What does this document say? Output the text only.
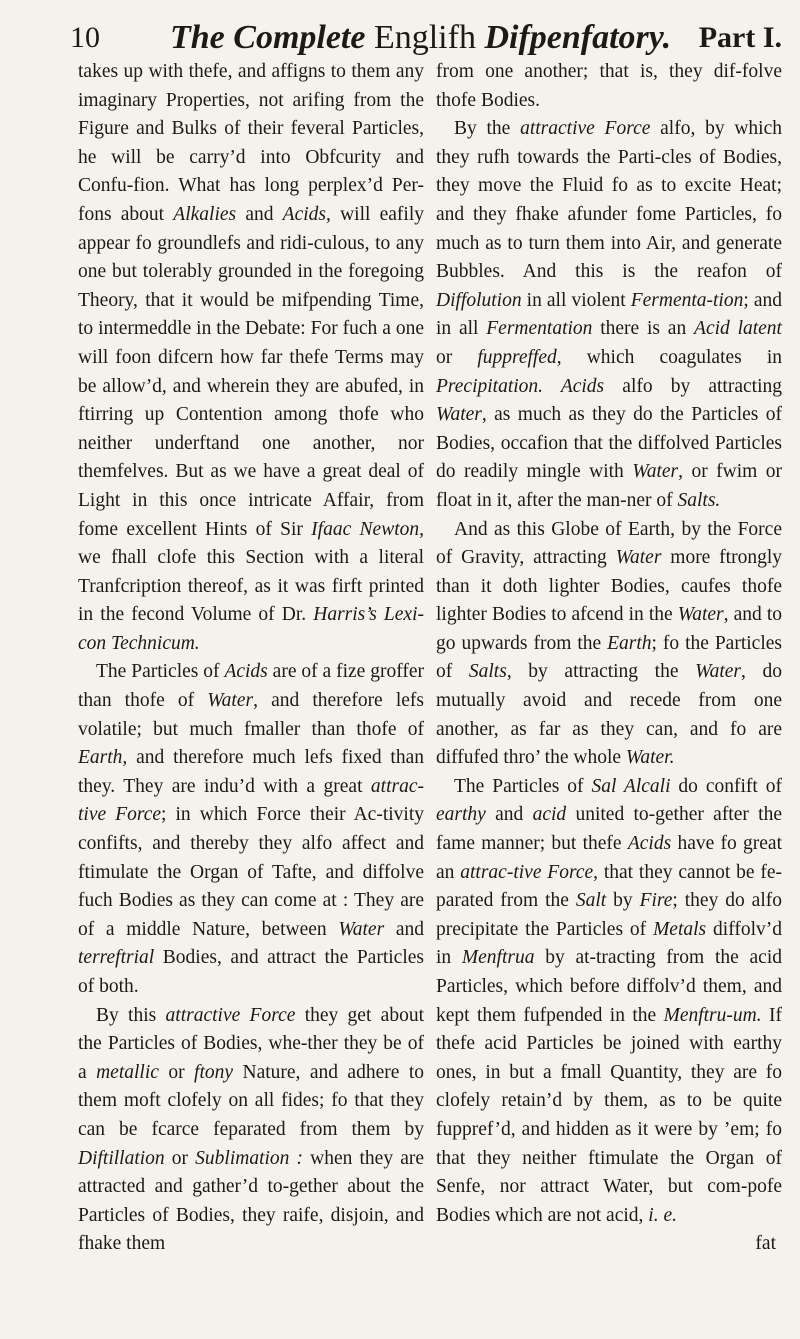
10 The Complete Englifh Difpenfatory. Part I.

takes up with thefe, and affigns to them any imaginary Properties, not arifing from the Figure and Bulks of their feveral Particles, he will be carry’d into Obfcurity and Confu-fion. What has long perplex’d Per-fons about Alkalies and Acids, will eafily appear fo groundlefs and ridi-culous, to any one but tolerably grounded in the foregoing Theory, that it would be mifpending Time, to intermeddle in the Debate: For fuch a one will foon difcern how far thefe Terms may be allow’d, and wherein they are abufed, in ftirring up Contention among thofe who neither underftand one another, nor themfelves. But as we have a great deal of Light in this once intricate Affair, from fome excellent Hints of Sir Ifaac Newton, we fhall clofe this Section with a literal Tranfcription thereof, as it was firft printed in the fecond Volume of Dr. Harris’s Lexi-con Technicum.

The Particles of Acids are of a fize groffer than thofe of Water, and therefore lefs volatile; but much fmaller than thofe of Earth, and therefore much lefs fixed than they. They are indu’d with a great attrac-tive Force; in which Force their Ac-tivity confifts, and thereby they alfo affect and ftimulate the Organ of Tafte, and diffolve fuch Bodies as they can come at : They are of a middle Nature, between Water and terreftrial Bodies, and attract the Particles of both.

By this attractive Force they get about the Particles of Bodies, whe-ther they be of a metallic or ftony Nature, and adhere to them moft clofely on all fides; fo that they can be fcarce feparated from them by Diftillation or Sublimation : when they are attracted and gather’d to-gether about the Particles of Bodies, they raife, disjoin, and fhake them

from one another; that is, they dif-folve thofe Bodies.

By the attractive Force alfo, by which they rufh towards the Parti-cles of Bodies, they move the Fluid fo as to excite Heat; and they fhake afunder fome Particles, fo much as to turn them into Air, and generate Bubbles. And this is the reafon of Diffolution in all violent Fermenta-tion; and in all Fermentation there is an Acid latent or fuppreffed, which coagulates in Precipitation. Acids alfo by attracting Water, as much as they do the Particles of Bodies, occafion that the diffolved Particles do readily mingle with Water, or fwim or float in it, after the man-ner of Salts.

And as this Globe of Earth, by the Force of Gravity, attracting Water more ftrongly than it doth lighter Bodies, caufes thofe lighter Bodies to afcend in the Water, and to go upwards from the Earth; fo the Particles of Salts, by attracting the Water, do mutually avoid and recede from one another, as far as they can, and fo are diffufed thro’ the whole Water.

The Particles of Sal Alcali do confift of earthy and acid united to-gether after the fame manner; but thefe Acids have fo great an attrac-tive Force, that they cannot be fe-parated from the Salt by Fire; they do alfo precipitate the Particles of Metals diffolv’d in Menftrua by at-tracting from the acid Particles, which before diffolv’d them, and kept them fufpended in the Menftru-um. If thefe acid Particles be joined with earthy ones, in but a fmall Quantity, they are fo clofely retain’d by them, as to be quite fuppref’d, and hidden as it were by ’em; fo that they neither ftimulate the Organ of Senfe, nor attract Water, but com-pofe Bodies which are not acid, i. e.

fat
